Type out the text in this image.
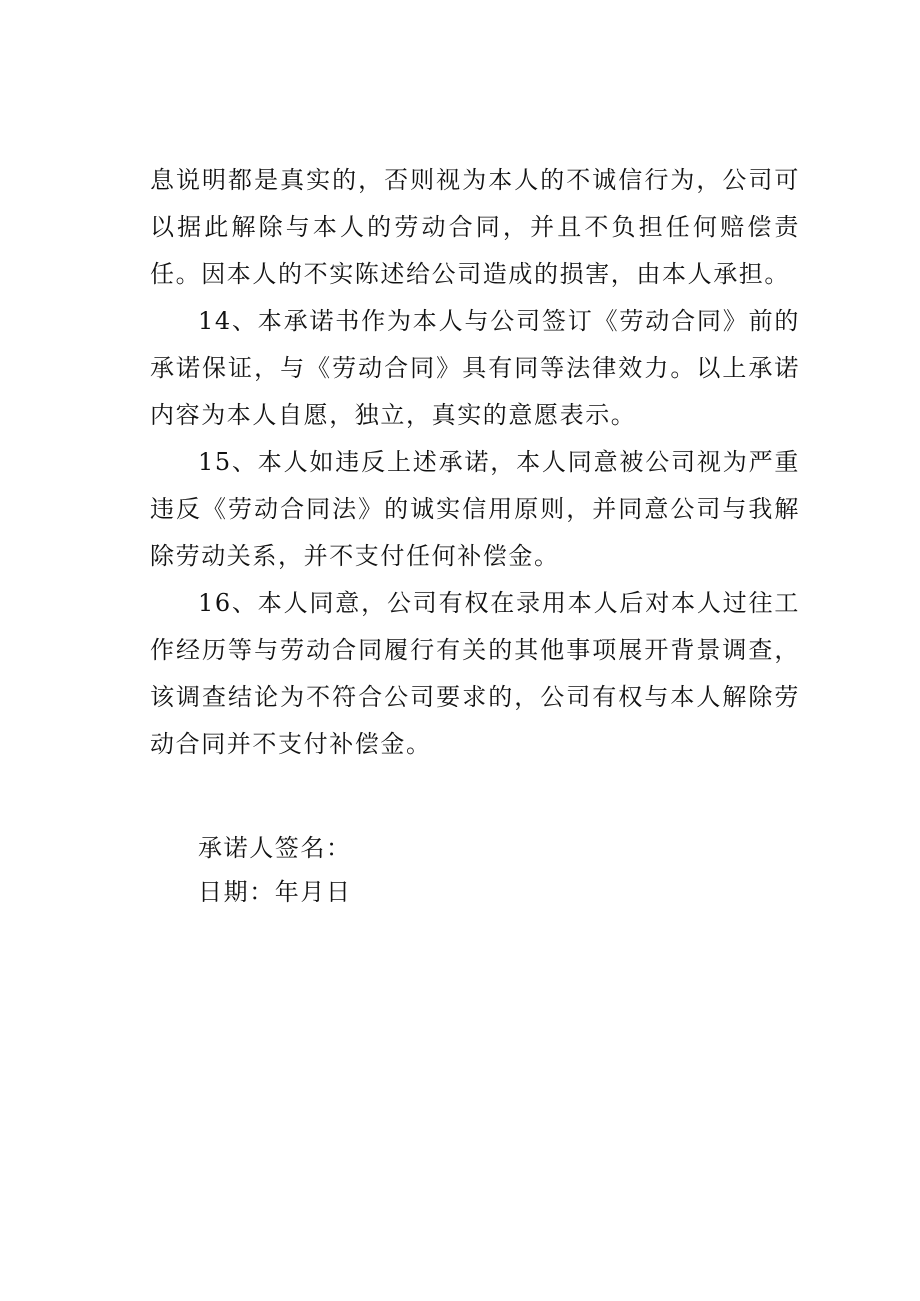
息说明都是真实的，否则视为本人的不诚信行为，公司可以据此解除与本人的劳动合同，并且不负担任何赔偿责任。因本人的不实陈述给公司造成的损害，由本人承担。

14、本承诺书作为本人与公司签订《劳动合同》前的承诺保证，与《劳动合同》具有同等法律效力。以上承诺内容为本人自愿，独立，真实的意愿表示。

15、本人如违反上述承诺，本人同意被公司视为严重违反《劳动合同法》的诚实信用原则，并同意公司与我解除劳动关系，并不支付任何补偿金。

16、本人同意，公司有权在录用本人后对本人过往工作经历等与劳动合同履行有关的其他事项展开背景调查，该调查结论为不符合公司要求的，公司有权与本人解除劳动合同并不支付补偿金。

承诺人签名：

日期：年月日
